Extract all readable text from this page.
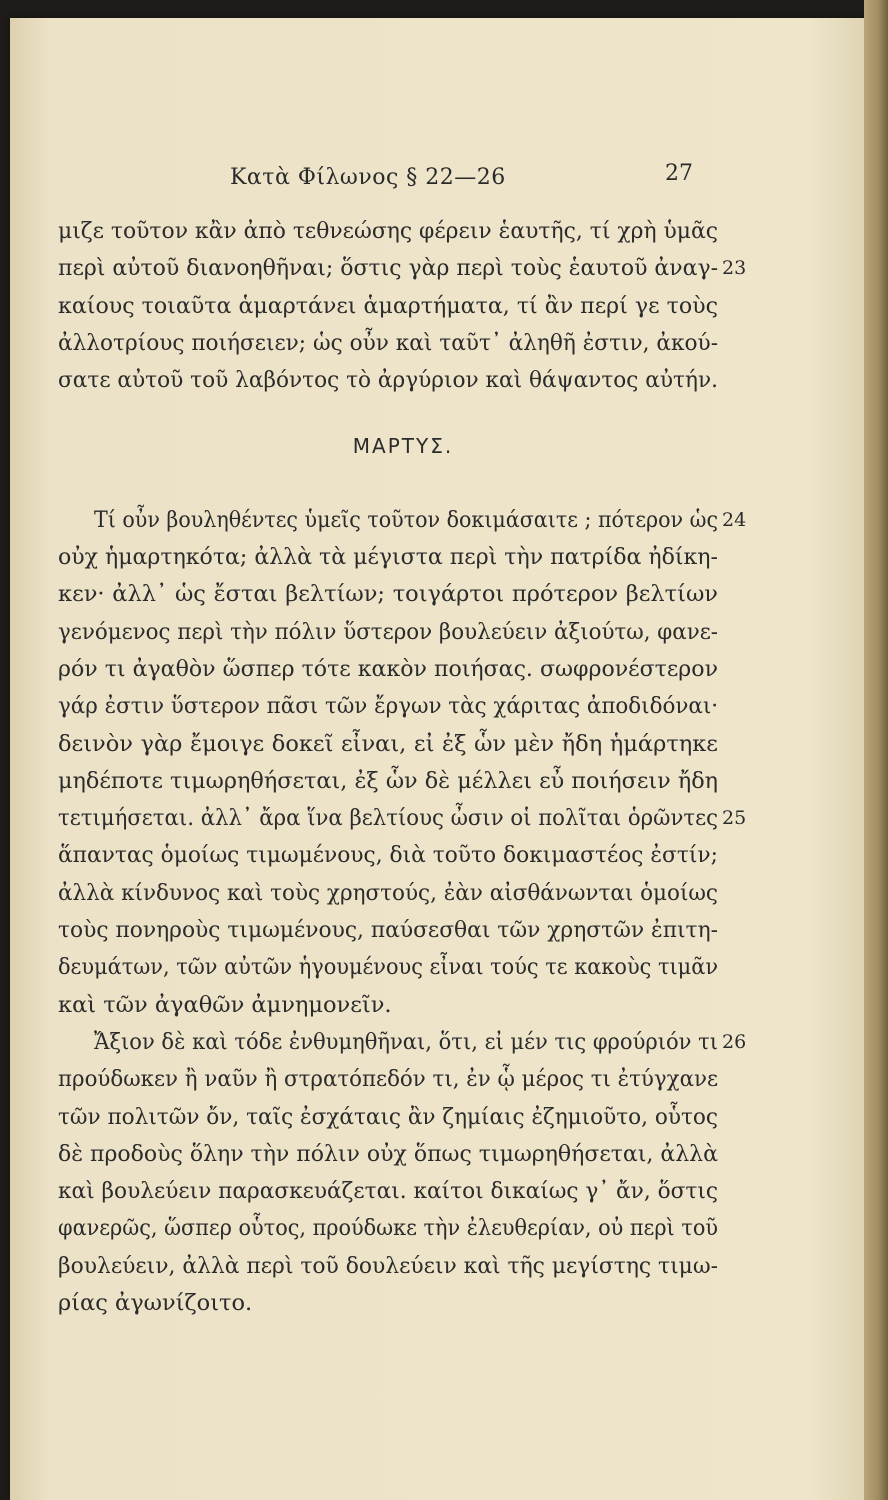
Κατὰ Φίλωνος § 22—26	27
μιζε τοῦτον κἂν ἀπὸ τεθνεώσης φέρειν ἑαυτῆς, τί χρὴ ὑμᾶς
περὶ αὐτοῦ διανοηθῆναι; ὅστις γὰρ περὶ τοὺς ἑαυτοῦ ἀναγ- 23
καίους τοιαῦτα ἁμαρτάνει ἁμαρτήματα, τί ἂν περί γε τοὺς
ἀλλοτρίους ποιήσειεν; ὡς οὖν καὶ ταῦτ᾽ ἀληθῆ ἐστιν, ἀκού-
σατε αὐτοῦ τοῦ λαβόντος τὸ ἀργύριον καὶ θάψαντος αὐτήν.
ΜΑΡΤΥΣ.
Τί οὖν βουληθέντες ὑμεῖς τοῦτον δοκιμάσαιτε ; πότερον ὡς 24
οὐχ ἡμαρτηκότα; ἀλλὰ τὰ μέγιστα περὶ τὴν πατρίδα ἠδίκη-
κεν· ἀλλ᾽ ὡς ἔσται βελτίων; τοιγάρτοι πρότερον βελτίων
γενόμενος περὶ τὴν πόλιν ὕστερον βουλεύειν ἀξιούτω, φανε-
ρόν τι ἀγαθὸν ὥσπερ τότε κακὸν ποιήσας. σωφρονέστερον
γάρ ἐστιν ὕστερον πᾶσι τῶν ἔργων τὰς χάριτας ἀποδιδόναι·
δεινὸν γὰρ ἔμοιγε δοκεῖ εἶναι, εἰ ἐξ ὧν μὲν ἤδη ἡμάρτηκε
μηδέποτε τιμωρηθήσεται, ἐξ ὧν δὲ μέλλει εὖ ποιήσειν ἤδη
τετιμήσεται. ἀλλ᾽ ἄρα ἵνα βελτίους ὦσιν οἱ πολῖται ὁρῶντες 25
ἅπαντας ὁμοίως τιμωμένους, διὰ τοῦτο δοκιμαστέος ἐστίν;
ἀλλὰ κίνδυνος καὶ τοὺς χρηστούς, ἐὰν αἰσθάνωνται ὁμοίως
τοὺς πονηροὺς τιμωμένους, παύσεσθαι τῶν χρηστῶν ἐπιτη-
δευμάτων, τῶν αὐτῶν ἡγουμένους εἶναι τούς τε κακοὺς τιμᾶν
καὶ τῶν ἀγαθῶν ἀμνημονεῖν.
Ἄξιον δὲ καὶ τόδε ἐνθυμηθῆναι, ὅτι, εἰ μέν τις φρούριόν τι 26
προύδωκεν ἢ ναῦν ἢ στρατόπεδόν τι, ἐν ᾧ μέρος τι ἐτύγχανε
τῶν πολιτῶν ὄν, ταῖς ἐσχάταις ἂν ζημίαις ἐζημιοῦτο, οὗτος
δὲ προδοὺς ὅλην τὴν πόλιν οὐχ ὅπως τιμωρηθήσεται, ἀλλὰ
καὶ βουλεύειν παρασκευάζεται. καίτοι δικαίως γ᾽ ἄν, ὅστις
φανερῶς, ὥσπερ οὗτος, προύδωκε τὴν ἐλευθερίαν, οὐ περὶ τοῦ
βουλεύειν, ἀλλὰ περὶ τοῦ δουλεύειν καὶ τῆς μεγίστης τιμω-
ρίας ἀγωνίζοιτο.
